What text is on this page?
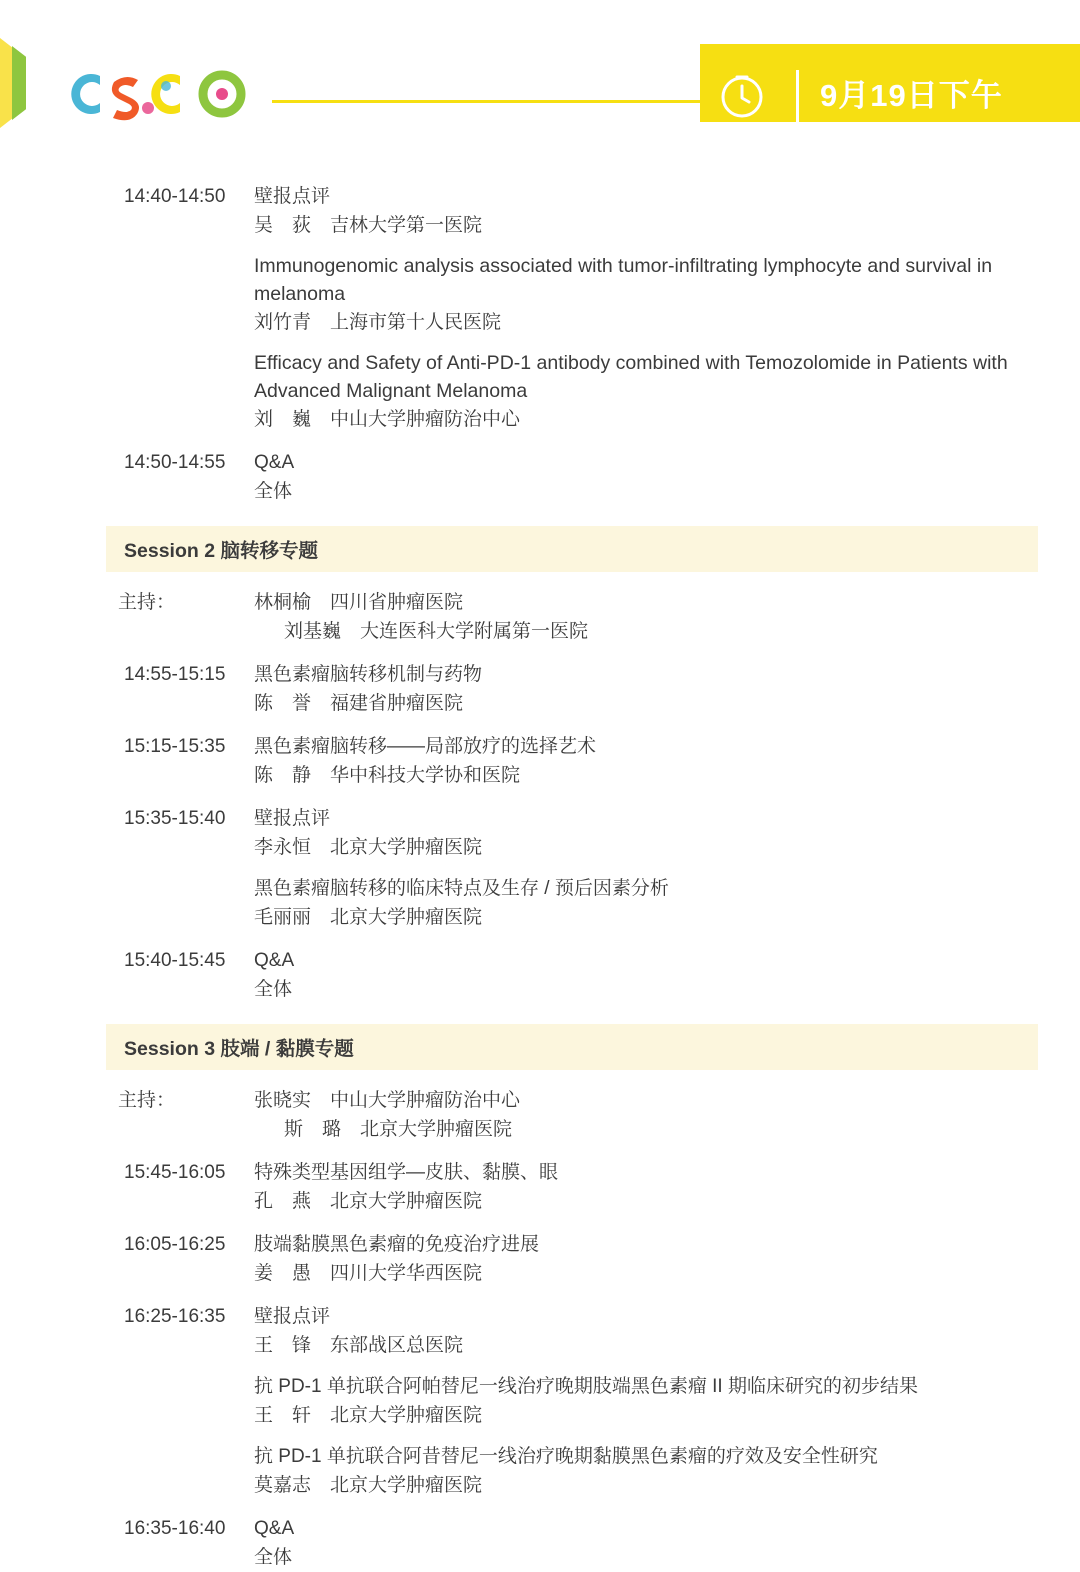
9月19日下午
14:40-14:50	壁报点评
吴　荻　吉林大学第一医院
Immunogenomic analysis associated with tumor-infiltrating lymphocyte and survival in melanoma
刘竹青　上海市第十人民医院
Efficacy and Safety of Anti-PD-1 antibody combined with Temozolomide in Patients with Advanced Malignant Melanoma
刘　巍　中山大学肿瘤防治中心
14:50-14:55	Q&A
全体
Session 2 脑转移专题
主持：	林桐榆　四川省肿瘤医院
刘基巍　大连医科大学附属第一医院
14:55-15:15	黑色素瘤脑转移机制与药物
陈　誉　福建省肿瘤医院
15:15-15:35	黑色素瘤脑转移——局部放疗的选择艺术
陈　静　华中科技大学协和医院
15:35-15:40	壁报点评
李永恒　北京大学肿瘤医院
黑色素瘤脑转移的临床特点及生存 / 预后因素分析
毛丽丽　北京大学肿瘤医院
15:40-15:45	Q&A
全体
Session 3 肢端 / 黏膜专题
主持：	张晓实　中山大学肿瘤防治中心
斯　璐　北京大学肿瘤医院
15:45-16:05	特殊类型基因组学—皮肤、黏膜、眼
孔　燕　北京大学肿瘤医院
16:05-16:25	肢端黏膜黑色素瘤的免疫治疗进展
姜　愚　四川大学华西医院
16:25-16:35	壁报点评
王　锋　东部战区总医院
抗 PD-1 单抗联合阿帕替尼一线治疗晚期肢端黑色素瘤 II 期临床研究的初步结果
王　轩　北京大学肿瘤医院
抗 PD-1 单抗联合阿昔替尼一线治疗晚期黏膜黑色素瘤的疗效及安全性研究
莫嘉志　北京大学肿瘤医院
16:35-16:40	Q&A
全体
